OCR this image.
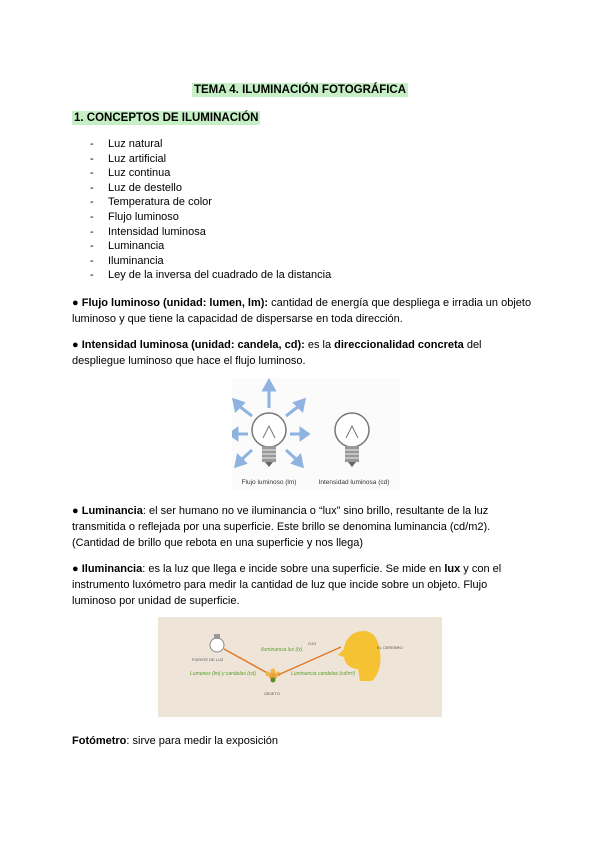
TEMA 4. ILUMINACIÓN FOTOGRÁFICA
1. CONCEPTOS DE ILUMINACIÓN
- Luz natural
- Luz artificial
- Luz continua
- Luz de destello
- Temperatura de color
- Flujo luminoso
- Intensidad luminosa
- Luminancia
- Iluminancia
- Ley de la inversa del cuadrado de la distancia
● Flujo luminoso (unidad: lumen, lm): cantidad de energía que despliega e irradia un objeto luminoso y que tiene la capacidad de dispersarse en toda dirección.
● Intensidad luminosa (unidad: candela, cd): es la direccionalidad concreta del despliegue luminoso que hace el flujo luminoso.
Flujo luminoso (lm)	Intensidad luminosa (cd)
● Luminancia: el ser humano no ve iluminancia o “lux” sino brillo, resultante de la luz transmitida o reflejada por una superficie. Este brillo se denomina luminancia (cd/m2). (Cantidad de brillo que rebota en una superficie y nos llega)
● Iluminancia: es la luz que llega e incide sobre una superficie. Se mide en lux y con el instrumento luxómetro para medir la cantidad de luz que incide sobre un objeto. Flujo luminoso por unidad de superficie.
FUENTE DE LUZ
Lumenes (lm) y candelas (cd)
Iluminancia lux (lx)
OBJETO
Luminancia candelas (cd/m²)
OJO
EL CEREBRO
Fotómetro: sirve para medir la exposición
